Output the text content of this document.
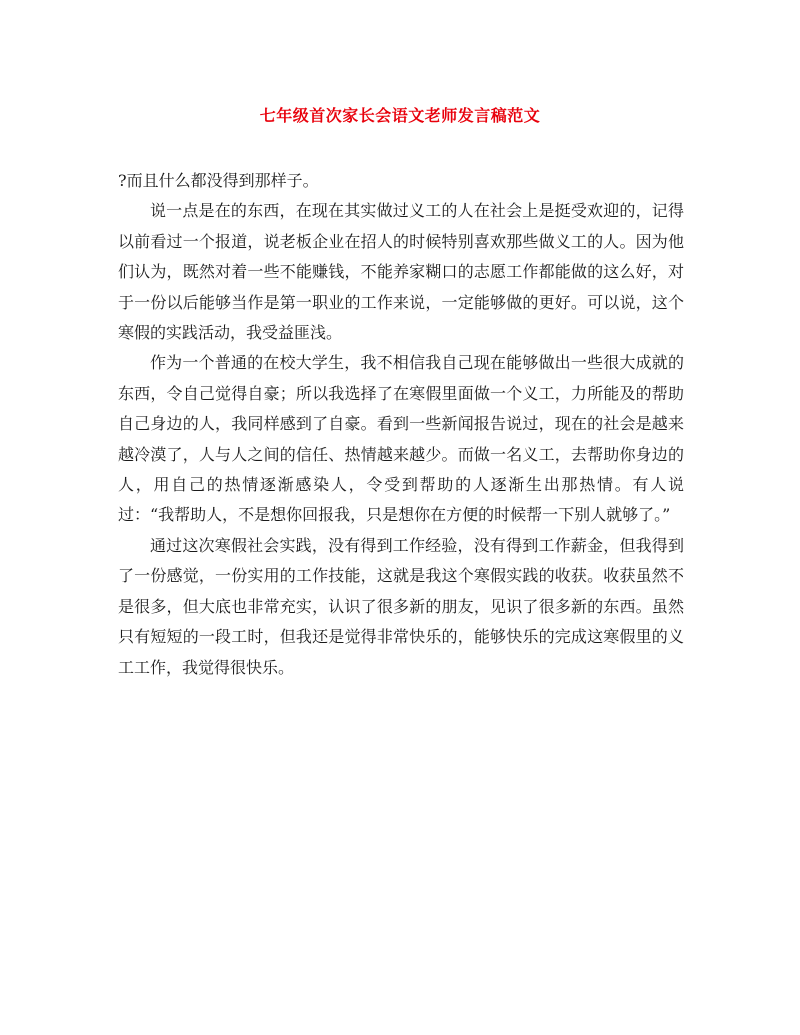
七年级首次家长会语文老师发言稿范文

?而且什么都没得到那样子。

说一点是在的东西，在现在其实做过义工的人在社会上是挺受欢迎的，记得以前看过一个报道，说老板企业在招人的时候特别喜欢那些做义工的人。因为他们认为，既然对着一些不能赚钱，不能养家糊口的志愿工作都能做的这么好，对于一份以后能够当作是第一职业的工作来说，一定能够做的更好。可以说，这个寒假的实践活动，我受益匪浅。

作为一个普通的在校大学生，我不相信我自己现在能够做出一些很大成就的东西，令自己觉得自豪；所以我选择了在寒假里面做一个义工，力所能及的帮助自己身边的人，我同样感到了自豪。看到一些新闻报告说过，现在的社会是越来越冷漠了，人与人之间的信任、热情越来越少。而做一名义工，去帮助你身边的人，用自己的热情逐渐感染人，令受到帮助的人逐渐生出那热情。有人说过：“我帮助人，不是想你回报我，只是想你在方便的时候帮一下别人就够了。”

通过这次寒假社会实践，没有得到工作经验，没有得到工作薪金，但我得到了一份感觉，一份实用的工作技能，这就是我这个寒假实践的收获。收获虽然不是很多，但大底也非常充实，认识了很多新的朋友，见识了很多新的东西。虽然只有短短的一段工时，但我还是觉得非常快乐的，能够快乐的完成这寒假里的义工工作，我觉得很快乐。
